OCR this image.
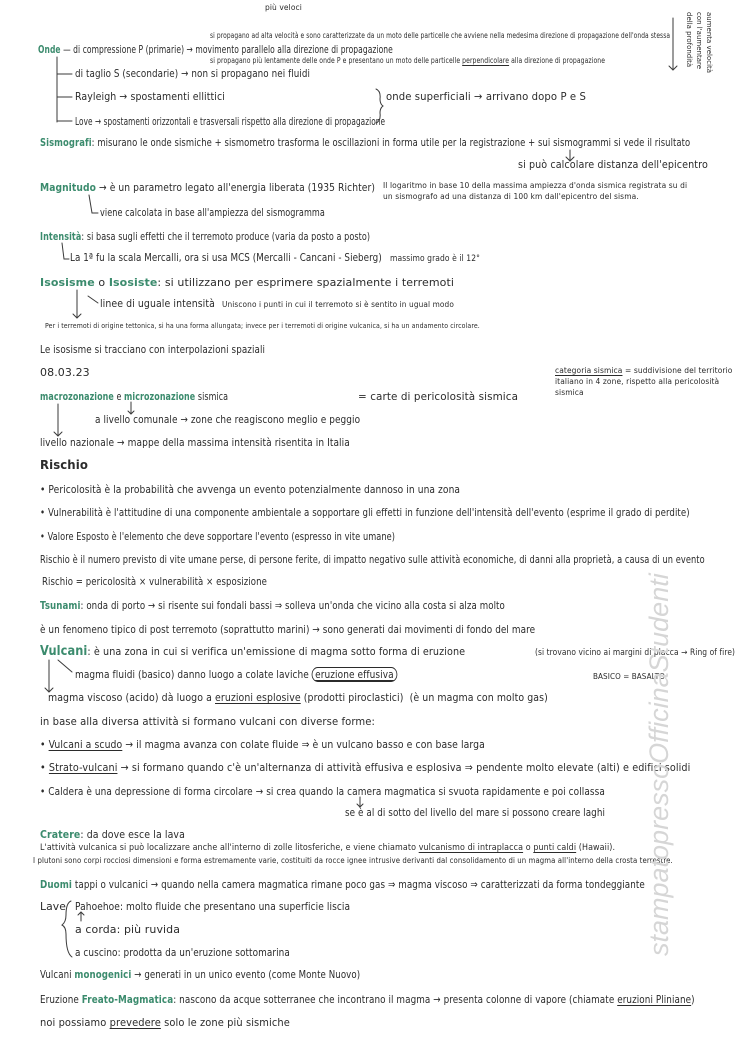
più veloci
si propagano ad alta velocità e sono caratterizzate da un moto delle particelle che avviene nella medesima direzione di propagazione dell'onda stessa
Onde — di compressione P (primarie) → movimento parallelo alla direzione di propagazione
si propagano più lentamente delle onde P e presentano un moto delle particelle perpendicolare alla direzione di propagazione
di taglio S (secondarie) → non si propagano nei fluidi
Rayleigh → spostamenti ellittici	onde superficiali → arrivano dopo P e S
Love → spostamenti orizzontali e trasversali rispetto alla direzione di propagazione
aumenta velocità
con l'aumentare
della profondità
Sismografi: misurano le onde sismiche + sismometro trasforma le oscillazioni in forma utile per la registrazione + sui sismogrammi si vede il risultato
si può calcolare distanza dell'epicentro
Magnitudo → è un parametro legato all'energia liberata (1935 Richter) Il logaritmo in base 10 della massima ampiezza d'onda sismica registrata su di
un sismografo ad una distanza di 100 km dall'epicentro del sisma.
viene calcolata in base all'ampiezza del sismogramma
Intensità: si basa sugli effetti che il terremoto produce (varia da posto a posto)
La 1ª fu la scala Mercalli, ora si usa MCS (Mercalli - Cancani - Sieberg) massimo grado è il 12°
Isosisme o Isosiste: si utilizzano per esprimere spazialmente i terremoti
linee di uguale intensità Uniscono i punti in cui il terremoto si è sentito in ugual modo
Per i terremoti di origine tettonica, si ha una forma allungata; invece per i terremoti di origine vulcanica, si ha un andamento circolare.
Le isosisme si tracciano con interpolazioni spaziali
categoria sismica = suddivisione del territorio
italiano in 4 zone, rispetto alla pericolosità
sismica
08.03.23
macrozonazione e microzonazione sismica	= carte di pericolosità sismica
a livello comunale → zone che reagiscono meglio e peggio
livello nazionale → mappe della massima intensità risentita in Italia
Rischio
• Pericolosità è la probabilità che avvenga un evento potenzialmente dannoso in una zona
• Vulnerabilità è l'attitudine di una componente ambientale a sopportare gli effetti in funzione dell'intensità dell'evento (esprime il grado di perdite)
• Valore Esposto è l'elemento che deve sopportare l'evento (espresso in vite umane)
Rischio è il numero previsto di vite umane perse, di persone ferite, di impatto negativo sulle attività economiche, di danni alla proprietà, a causa di un evento
Rischio = pericolosità × vulnerabilità × esposizione
Tsunami: onda di porto → si risente sui fondali bassi ⇒ solleva un'onda che vicino alla costa si alza molto
è un fenomeno tipico di post terremoto (soprattutto marini) → sono generati dai movimenti di fondo del mare
Vulcani: è una zona in cui si verifica un'emissione di magma sotto forma di eruzione	(si trovano vicino ai margini di placca → Ring of fire)
magma fluidi (basico) danno luogo a colate laviche eruzione effusiva	BASICO = BASALTO
magma viscoso (acido) dà luogo a eruzioni esplosive (prodotti piroclastici)  (è un magma con molto gas)
in base alla diversa attività si formano vulcani con diverse forme:
• Vulcani a scudo → il magma avanza con colate fluide ⇒ è un vulcano basso e con base larga
• Strato-vulcani → si formano quando c'è un'alternanza di attività effusiva e esplosiva ⇒ pendente molto elevate (alti) e edifici solidi
• Caldera è una depressione di forma circolare → si crea quando la camera magmatica si svuota rapidamente e poi collassa
se è al di sotto del livello del mare si possono creare laghi
Cratere: da dove esce la lava
L'attività vulcanica si può localizzare anche all'interno di zolle litosferiche, e viene chiamato vulcanismo di intraplacca o punti caldi (Hawaii).
I plutoni sono corpi rocciosi dimensioni e forma estremamente varie, costituiti da rocce ignee intrusive derivanti dal consolidamento di un magma all'interno della crosta terrestre.
Duomi tappi o vulcanici → quando nella camera magmatica rimane poco gas ⇒ magma viscoso ⇒ caratterizzati da forma tondeggiante
Lave Pahoehoe: molto fluide che presentano una superficie liscia
a corda: più ruvida
a cuscino: prodotta da un'eruzione sottomarina
Vulcani monogenici → generati in un unico evento (come Monte Nuovo)
Eruzione Freato-Magmatica: nascono da acque sotterranee che incontrano il magma → presenta colonne di vapore (chiamate eruzioni Pliniane)
noi possiamo prevedere solo le zone più sismiche
stampatopressoOfficinaStudenti
